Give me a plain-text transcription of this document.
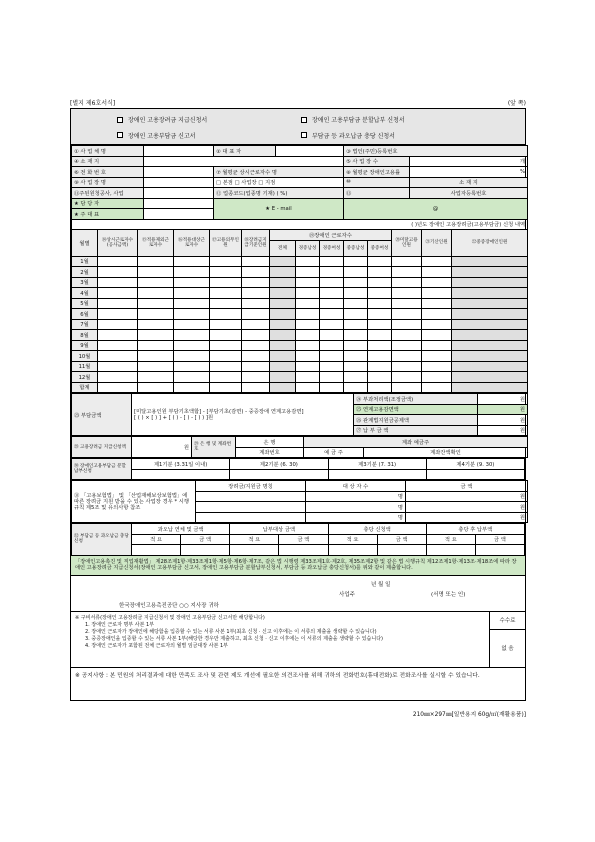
[별지 제6호서식]	(앞 쪽)
장애인 고용장려금 지급신청서	장애인 고용부담금 분할납부 신청서
장애인 고용부담금 신고서	부담금 등 과오납금 충당 신청서
① 사 업 체 명		② 대 표 자		③ 법인(주민)등록번호	
④ 소 재 지				⑤ 사 업 장 수	개
⑥ 전 화 번 호		⑦ 월평균 상시근로자수 명		⑧ 월평균 장애인고용률	%
⑨ 사 업 장 명		□ 본점 □ 사업장 □ 지점		⑩	소 재 지
⑪주된원청공사, 사업		⑫ 업종코드(업종명 기재) ( %)		⑬	사업자등록번호
★ 담 당 자		★ E - mail		@	
★ 주 대 표					
( )년도 장애인 고용장려금(고용부담금) 신청 내역													
월별	⑭상시근로자수(공사금액)	⑮적용제외근로자수	⑯적용대상근로자수	⑰고용의무인원	⑱장려금지급기준인원	⑲장애인 근로자수					⑳미달고용인원	㉑기산인원	㉒중증장애인인원
						전체	경증남성	경증여성	중증남성	중증여성			
1월													
2월													
3월													
4월													
5월													
6월													
7월													
8월													
9월													
10월													
11월													
12월													
합계													
㉓ 부담금액	[미달고용인원 부담기초액합] - [부담기초(감면) - 중증장애 연계고용감면]
[ ( ) × [ ) ] + [ ( ) - [ ) - [ ) ) ]원	㉔ 부과처리액(조정금액)	원
		㉕ 연계고용감면액	원
		㉖ 관계법지원금공제액	원
		㉗ 납 부 금 액	원
㉘ 고용장려금 지급신청액	원	㉙ 은 행 및 계좌번호	은 행	계좌 예금주	
			계좌번호	예 금 주	계좌잔액확인
㉚ 장애인고용부담금 분할납부신청	제1기분 (3.31일 이내)	제2기분 (6. 30)	제3기분 (7. 31)	제4기분 (9. 30)

㉛ 「고용보험법」 및 「산업재해보상보험법」에 따른 장려금 지원 받을 수 있는 사업장 경우 * 시행규칙 제5조 및 유의사항 참조	장려금/지원금 명칭	대 상 자 수	금 액
		명	원
		명	원
		명	원
㉜ 부담금 등 과오납금 충당 신청	과오납 연체 및 금액		납부대상 금액		충당 신청액		충당 후 납부액	
	적 요	금 액	적 요	금 액	적 요	금 액	적 요	금 액

「장애인고용촉진 및 직업재활법」 제28조제1항·제33조제1항·제5항·제6항·제7조, 같은 법 시행령 제33조제1호·제2호, 제35조제2항 및 같은 법 시행규칙 제12조제1항·제13조·제18조에 따라 장애인 고용장려금 지급신청서(장애인 고용부담금 신고서, 장애인 고용부담금 분할납부신청서, 부담금 등 과오납금 충당신청서)를 위와 같이 제출합니다.
년 월 일
사업주	(서명 또는 인)
한국장애인고용촉진공단 ○○ 지사장 귀하
※ 구비서류(장애인 고용장려금 지급신청서 및 장애인 고용부담금 신고서만 해당합니다)
1. 장애인 근로자 명부 사본 1부
2. 장애인 근로자가 장애인에 해당함을 입증할 수 있는 서류 사본 1부(최초 신청 · 신고 이후에는 이 서류의 제출을 생략할 수 있습니다)
3. 중증장애인을 입증할 수 있는 서류 사본 1부(해당한 경우만 제출하고, 최초 신청 · 신고 이후에는 이 서류의 제출을 생략할 수 있습니다)
4. 장애인 근로자가 포함된 전체 근로자의 월별 임금대장 사본 1부
수수료
없 음
※ 공지사항 : 본 민원의 처리결과에 대한 만족도 조사 및 관련 제도 개선에 필요한 의견조사를 위해 귀하의 전화번호(휴대전화)로 전화조사를 실시할 수 있습니다.
210㎜×297㎜[일반용지 60g/㎡(재활용품)]
